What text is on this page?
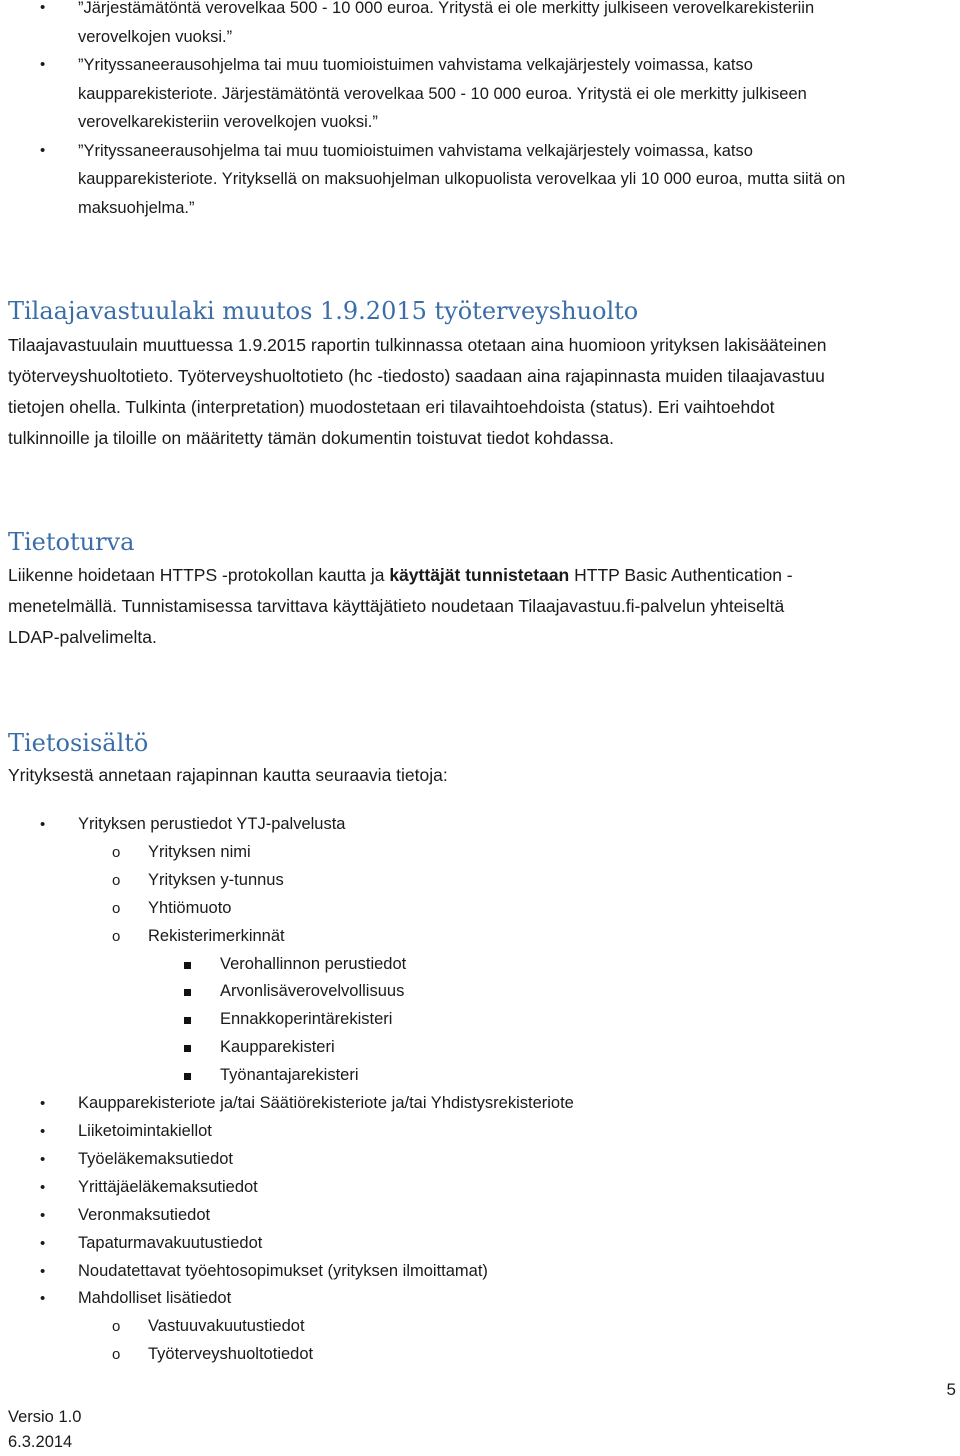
• ”Järjestämätöntä verovelkaa 500 - 10 000 euroa. Yritystä ei ole merkitty julkiseen verovelkarekisteriin
verovelkojen vuoksi.”
• ”Yrityssaneerausohjelma tai muu tuomioistuimen vahvistama velkajärjestely voimassa, katso
kaupparekisteriote. Järjestämätöntä verovelkaa 500 - 10 000 euroa. Yritystä ei ole merkitty julkiseen
verovelkarekisteriin verovelkojen vuoksi.”
• ”Yrityssaneerausohjelma tai muu tuomioistuimen vahvistama velkajärjestely voimassa, katso
kaupparekisteriote. Yrityksellä on maksuohjelman ulkopuolista verovelkaa yli 10 000 euroa, mutta siitä on
maksuohjelma.”
Tilaajavastuulaki muutos 1.9.2015 työterveyshuolto
Tilaajavastuulain muuttuessa 1.9.2015 raportin tulkinnassa otetaan aina huomioon yrityksen lakisääteinen
työterveyshuoltotieto. Työterveyshuoltotieto (hc -tiedosto) saadaan aina rajapinnasta muiden tilaajavastuu
tietojen ohella. Tulkinta (interpretation) muodostetaan eri tilavaihtoehdoista (status). Eri vaihtoehdot
tulkinnoille ja tiloille on määritetty tämän dokumentin toistuvat tiedot kohdassa.
Tietoturva
Liikenne hoidetaan HTTPS -protokollan kautta ja käyttäjät tunnistetaan HTTP Basic Authentication -
menetelmällä. Tunnistamisessa tarvittava käyttäjätieto noudetaan Tilaajavastuu.fi-palvelun yhteiseltä
LDAP-palvelimelta.
Tietosisältö
Yrityksestä annetaan rajapinnan kautta seuraavia tietoja:
• Yrityksen perustiedot YTJ-palvelusta
o Yrityksen nimi
o Yrityksen y-tunnus
o Yhtiömuoto
o Rekisterimerkinnät
Verohallinnon perustiedot
Arvonlisäverovelvollisuus
Ennakkoperintärekisteri
Kaupparekisteri
Työnantajarekisteri
• Kaupparekisteriote ja/tai Säätiörekisteriote ja/tai Yhdistysrekisteriote
• Liiketoimintakiellot
• Työeläkemaksutiedot
• Yrittäjäeläkemaksutiedot
• Veronmaksutiedot
• Tapaturmavakuutustiedot
• Noudatettavat työehtosopimukset (yrityksen ilmoittamat)
• Mahdolliset lisätiedot
o Vastuuvakuutustiedot
o Työterveyshuoltotiedot
Versio 1.0
6.3.2014
5
